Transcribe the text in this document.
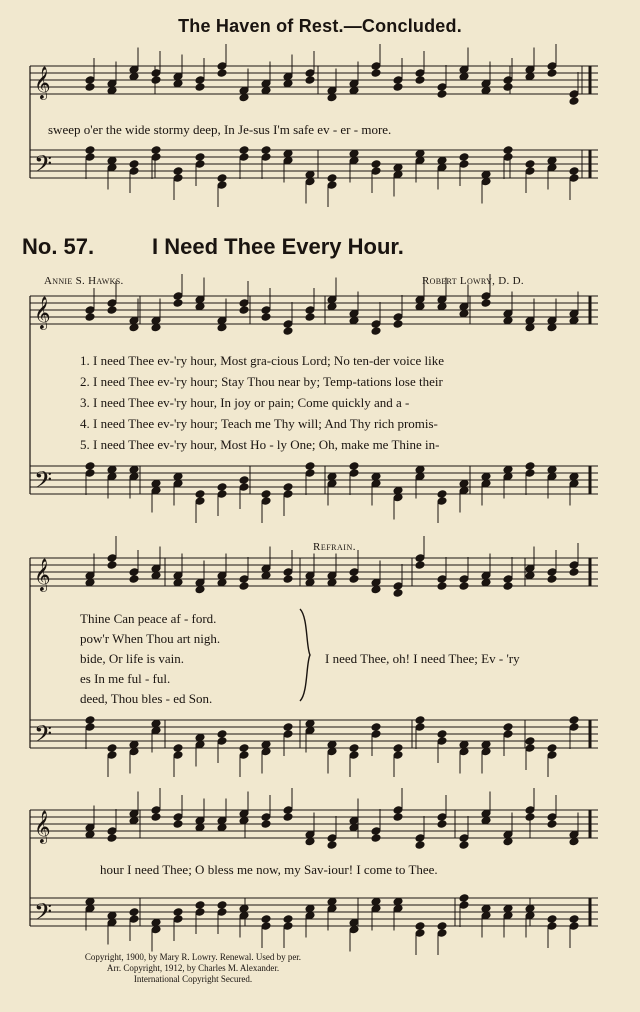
The Haven of Rest.—Concluded.
𝄞
𝄢
𝄞
𝄢
𝄞
𝄢
𝄞
𝄢
sweep o'er the wide stormy deep, In Je-sus I'm safe ev - er - more.
No. 57.	I Need Thee Every Hour.
Annie S. Hawks.	Robert Lowry, D. D.
1. I need Thee ev-'ry hour, Most gra-cious Lord; No ten-der voice like
2. I need Thee ev-'ry hour; Stay Thou near by; Temp-tations lose their
3. I need Thee ev-'ry hour, In joy or pain; Come quickly and a -
4. I need Thee ev-'ry hour; Teach me Thy will; And Thy rich promis-
5. I need Thee ev-'ry hour, Most Ho - ly One; Oh, make me Thine in-
Refrain.
Thine Can peace af - ford.
pow'r When Thou art nigh.
bide, Or life is vain.
es In me ful - ful.
deed, Thou bles - ed Son.
I need Thee, oh! I need Thee; Ev - 'ry
hour I need Thee; O bless me now, my Sav-iour! I come to Thee.
Copyright, 1900, by Mary R. Lowry. Renewal. Used by per.
Arr. Copyright, 1912, by Charles M. Alexander.
International Copyright Secured.
